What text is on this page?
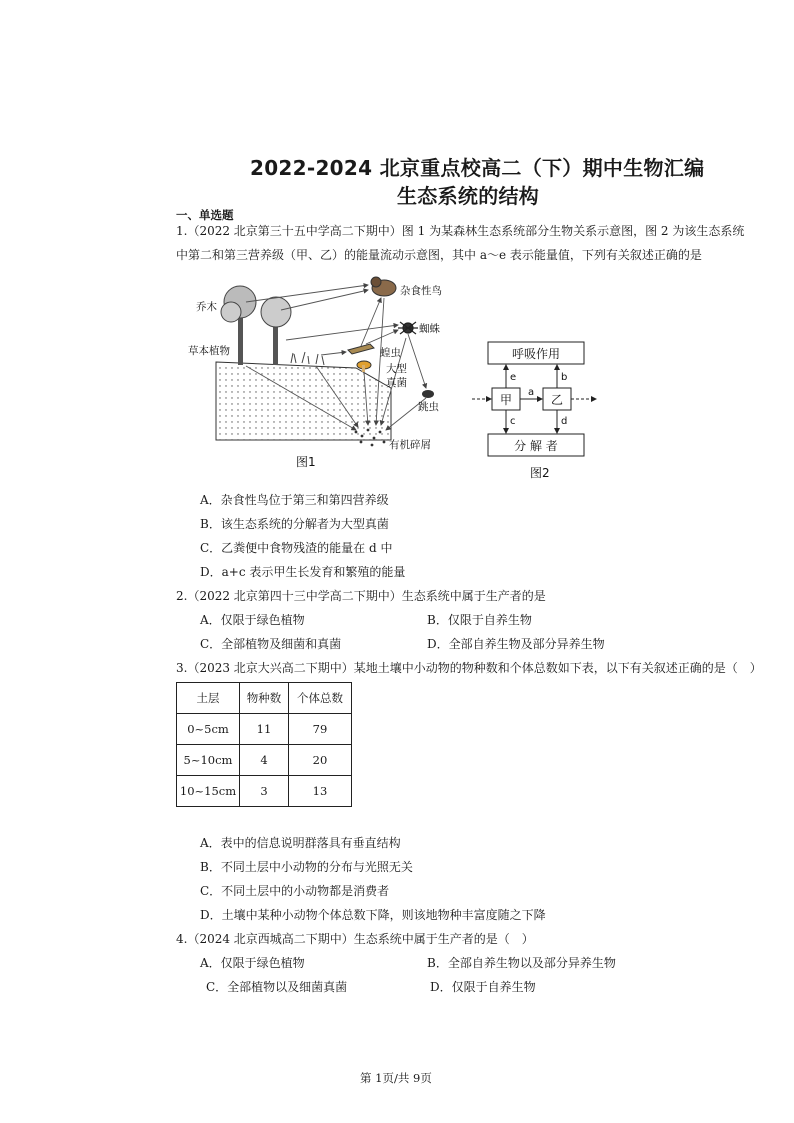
2022-2024 北京重点校高二（下）期中生物汇编
生态系统的结构
一、单选题
1.（2022 北京第三十五中学高二下期中）图 1 为某森林生态系统部分生物关系示意图，图 2 为该生态系统
中第二和第三营养级（甲、乙）的能量流动示意图，其中 a～e 表示能量值，下列有关叙述正确的是
乔木
草本植物
杂食性鸟
蜘蛛
蝗虫
大型
真菌
跳虫
有机碎屑
图1
呼吸作用
甲	乙
分 解 者
e	b
a
c	d
图2
A．杂食性鸟位于第三和第四营养级
B．该生态系统的分解者为大型真菌
C．乙粪便中食物残渣的能量在 d 中
D．a+c 表示甲生长发育和繁殖的能量
2.（2022 北京第四十三中学高二下期中）生态系统中属于生产者的是
A．仅限于绿色植物	B．仅限于自养生物
C．全部植物及细菌和真菌	D．全部自养生物及部分异养生物
3.（2023 北京大兴高二下期中）某地土壤中小动物的物种数和个体总数如下表，以下有关叙述正确的是（　）
土层	物种数	个体总数
0~5cm	11	79
5~10cm	4	20
10~15cm	3	13
A．表中的信息说明群落具有垂直结构
B．不同土层中小动物的分布与光照无关
C．不同土层中的小动物都是消费者
D．土壤中某种小动物个体总数下降，则该地物种丰富度随之下降
4.（2024 北京西城高二下期中）生态系统中属于生产者的是（　）
A．仅限于绿色植物	B．全部自养生物以及部分异养生物
C．全部植物以及细菌真菌	D．仅限于自养生物
第 1页/共 9页
